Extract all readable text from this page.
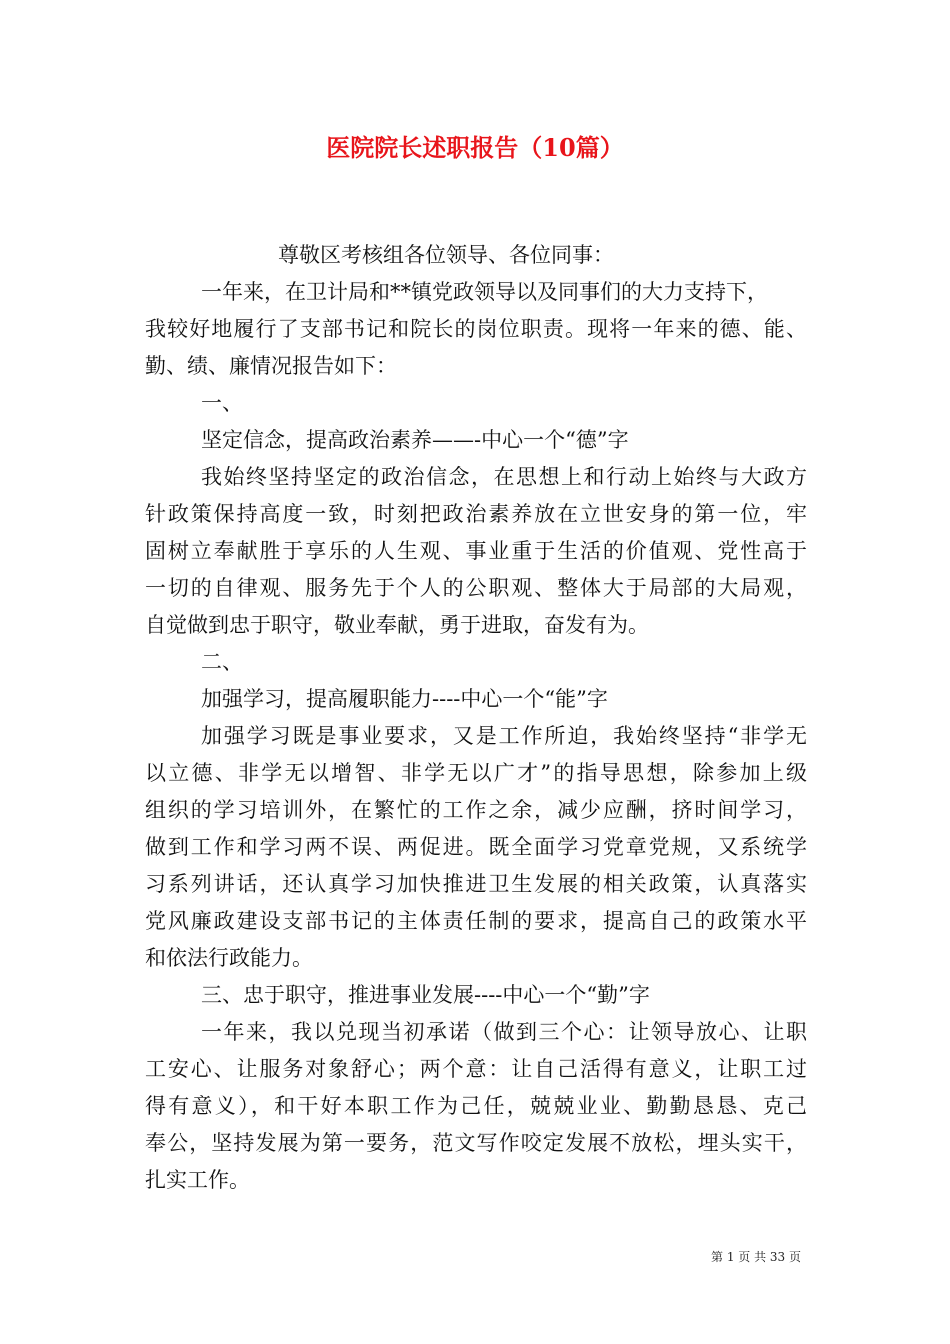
医院院长述职报告（10篇）
尊敬区考核组各位领导、各位同事：
一年来，在卫计局和**镇党政领导以及同事们的大力支持下，
我较好地履行了支部书记和院长的岗位职责。现将一年来的德、能、
勤、绩、廉情况报告如下：
一、
坚定信念，提高政治素养——-中心一个“德”字
我始终坚持坚定的政治信念，在思想上和行动上始终与大政方
针政策保持高度一致，时刻把政治素养放在立世安身的第一位，牢
固树立奉献胜于享乐的人生观、事业重于生活的价值观、党性高于
一切的自律观、服务先于个人的公职观、整体大于局部的大局观，
自觉做到忠于职守，敬业奉献，勇于进取，奋发有为。
二、
加强学习，提高履职能力----中心一个“能”字
加强学习既是事业要求，又是工作所迫，我始终坚持“非学无
以立德、非学无以增智、非学无以广才”的指导思想，除参加上级
组织的学习培训外，在繁忙的工作之余，减少应酬，挤时间学习，
做到工作和学习两不误、两促进。既全面学习党章党规，又系统学
习系列讲话，还认真学习加快推进卫生发展的相关政策，认真落实
党风廉政建设支部书记的主体责任制的要求，提高自己的政策水平
和依法行政能力。
三、忠于职守，推进事业发展----中心一个“勤”字
一年来，我以兑现当初承诺（做到三个心：让领导放心、让职
工安心、让服务对象舒心；两个意：让自己活得有意义，让职工过
得有意义），和干好本职工作为己任，兢兢业业、勤勤恳恳、克己
奉公，坚持发展为第一要务，范文写作咬定发展不放松，埋头实干，
扎实工作。
第 1 页 共 33 页
